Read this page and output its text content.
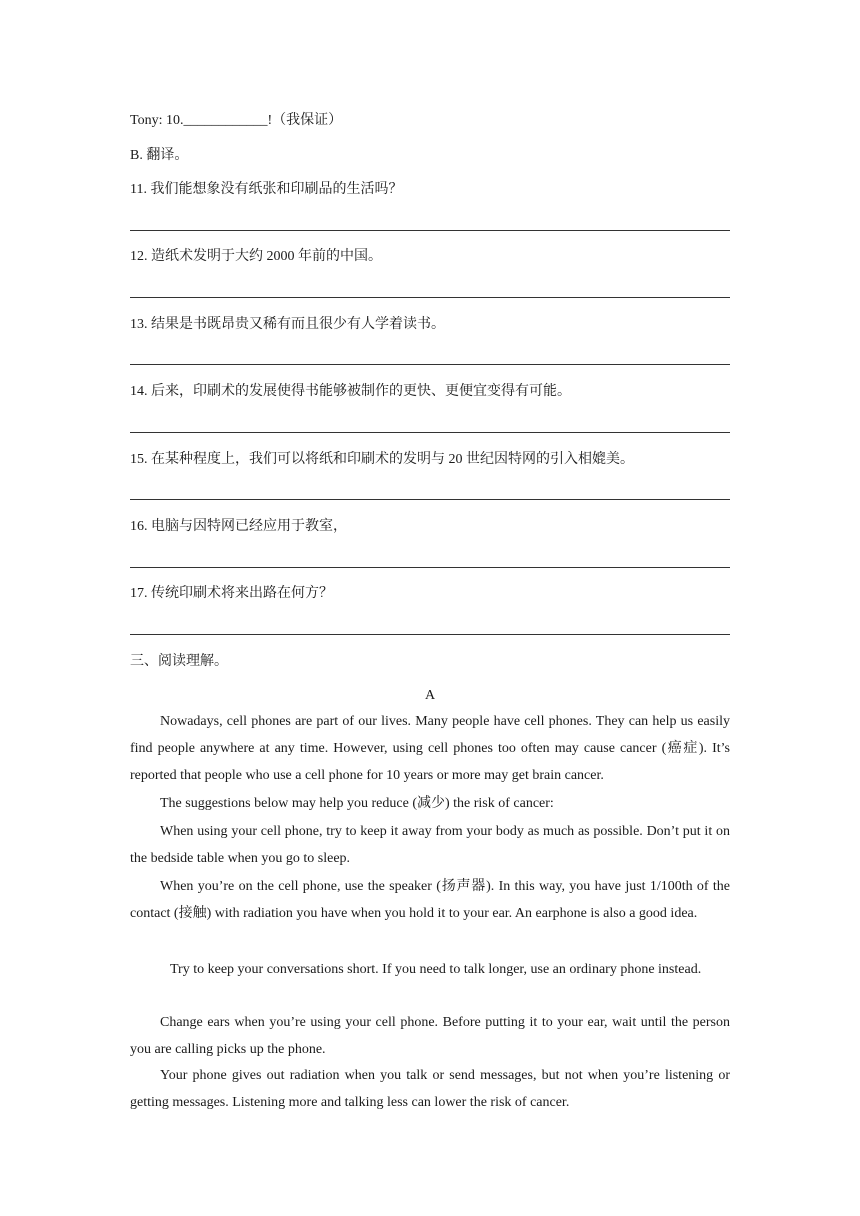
Tony: 10.____________!（我保证）
B. 翻译。
11. 我们能想象没有纸张和印刷品的生活吗？
12. 造纸术发明于大约 2000 年前的中国。
13. 结果是书既昂贵又稀有而且很少有人学着读书。
14. 后来，印刷术的发展使得书能够被制作的更快、更便宜变得有可能。
15. 在某种程度上，我们可以将纸和印刷术的发明与 20 世纪因特网的引入相媲美。
16. 电脑与因特网已经应用于教室，
17. 传统印刷术将来出路在何方？
三、阅读理解。
A

Nowadays, cell phones are part of our lives. Many people have cell phones. They can help us easily find people anywhere at any time. However, using cell phones too often may cause cancer (癌症). It’s reported that people who use a cell phone for 10 years or more may get brain cancer.

The suggestions below may help you reduce (减少) the risk of cancer:

When using your cell phone, try to keep it away from your body as much as possible. Don’t put it on the bedside table when you go to sleep.

When you’re on the cell phone, use the speaker (扬声器). In this way, you have just 1/100th of the contact (接触) with radiation you have when you hold it to your ear. An earphone is also a good idea.

Try to keep your conversations short. If you need to talk longer, use an ordinary phone instead.

Change ears when you’re using your cell phone. Before putting it to your ear, wait until the person you are calling picks up the phone.

Your phone gives out radiation when you talk or send messages, but not when you’re listening or getting messages. Listening more and talking less can lower the risk of cancer.
